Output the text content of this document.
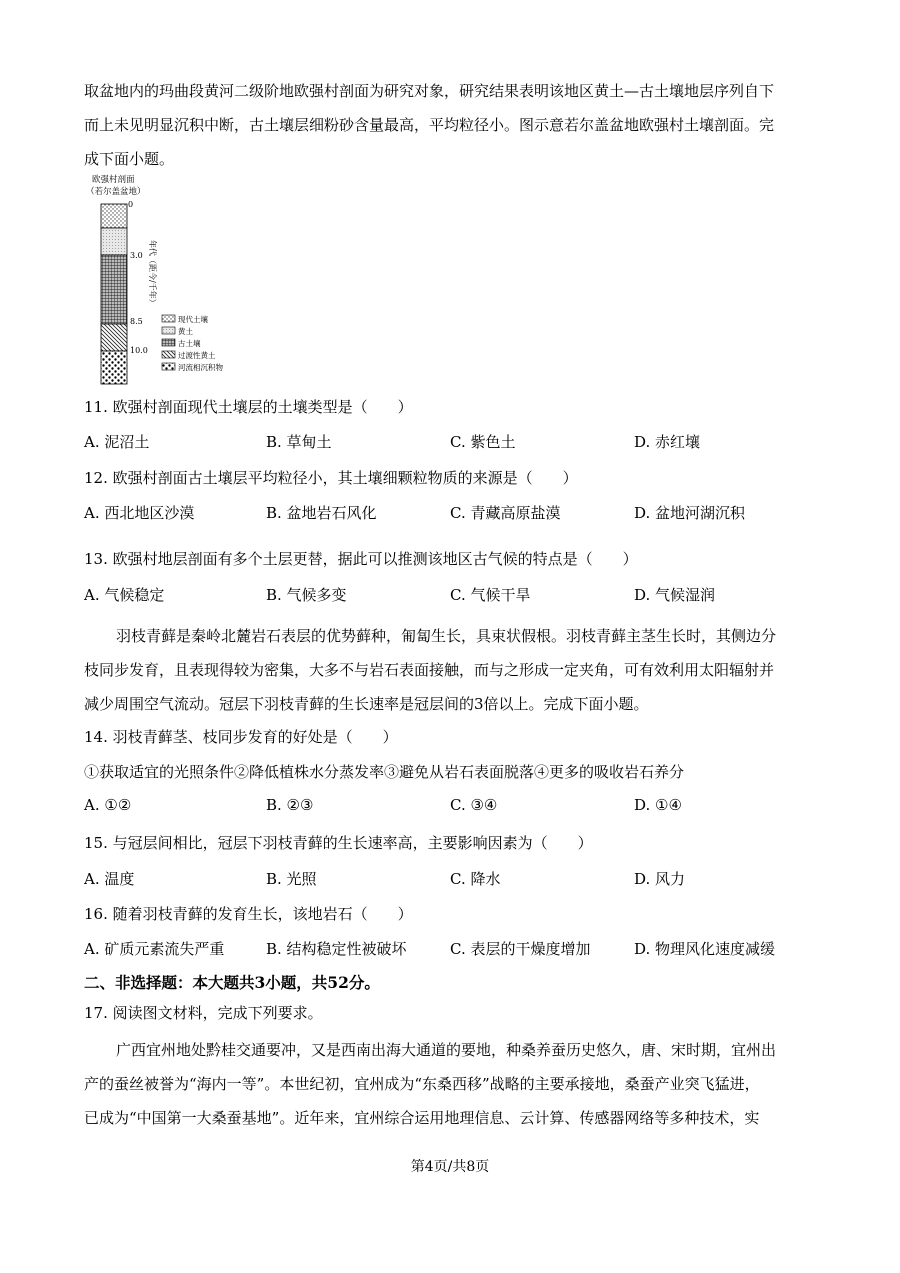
取盆地内的玛曲段黄河二级阶地欧强村剖面为研究对象，研究结果表明该地区黄土—古土壤地层序列自下
而上未见明显沉积中断，古土壤层细粉砂含量最高，平均粒径小。图示意若尔盖盆地欧强村土壤剖面。完
成下面小题。
欧强村剖面
（若尔盖盆地）
0
3.0
8.5
10.0
年代（距今/千年）
现代土壤
黄土
古土壤
过渡性黄土
河流相沉积物
11. 欧强村剖面现代土壤层的土壤类型是（　　）
A. 泥沼土	B. 草甸土	C. 紫色土	D. 赤红壤
12. 欧强村剖面古土壤层平均粒径小，其土壤细颗粒物质的来源是（　　）
A. 西北地区沙漠	B. 盆地岩石风化	C. 青藏高原盐漠	D. 盆地河湖沉积
13. 欧强村地层剖面有多个土层更替，据此可以推测该地区古气候的特点是（　　）
A. 气候稳定	B. 气候多变	C. 气候干旱	D. 气候湿润
羽枝青藓是秦岭北麓岩石表层的优势藓种，匍匐生长，具束状假根。羽枝青藓主茎生长时，其侧边分
枝同步发育，且表现得较为密集，大多不与岩石表面接触，而与之形成一定夹角，可有效利用太阳辐射并
减少周围空气流动。冠层下羽枝青藓的生长速率是冠层间的3倍以上。完成下面小题。
14. 羽枝青藓茎、枝同步发育的好处是（　　）
①获取适宜的光照条件②降低植株水分蒸发率③避免从岩石表面脱落④更多的吸收岩石养分
A. ①②	B. ②③	C. ③④	D. ①④
15. 与冠层间相比，冠层下羽枝青藓的生长速率高，主要影响因素为（　　）
A. 温度	B. 光照	C. 降水	D. 风力
16. 随着羽枝青藓的发育生长，该地岩石（　　）
A. 矿质元素流失严重	B. 结构稳定性被破坏	C. 表层的干燥度增加	D. 物理风化速度减缓
二、非选择题：本大题共3小题，共52分。
17. 阅读图文材料，完成下列要求。
广西宜州地处黔桂交通要冲，又是西南出海大通道的要地，种桑养蚕历史悠久，唐、宋时期，宜州出
产的蚕丝被誉为“海内一等”。本世纪初，宜州成为“东桑西移”战略的主要承接地，桑蚕产业突飞猛进，
已成为“中国第一大桑蚕基地”。近年来，宜州综合运用地理信息、云计算、传感器网络等多种技术，实
第4页/共8页
